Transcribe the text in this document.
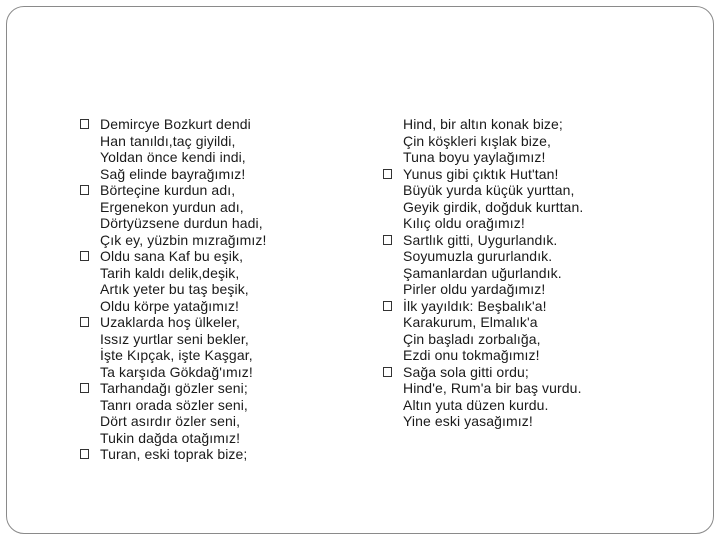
Demircye Bozkurt dendi
Han tanıldı,taç giyildi,
Yoldan önce kendi indi,
Sağ elinde bayrağımız!
Börteçine kurdun adı,
Ergenekon yurdun adı,
Dörtyüzsene durdun hadi,
Çık ey, yüzbin mızrağımız!
Oldu sana Kaf bu eşik,
Tarih kaldı delik,deşik,
Artık yeter bu taş beşik,
Oldu körpe yatağımız!
Uzaklarda hoş ülkeler,
Issız yurtlar seni bekler,
İşte Kıpçak, işte Kaşgar,
Ta karşıda Gökdağ'ımız!
Tarhandağı gözler seni;
Tanrı orada sözler seni,
Dört asırdır özler seni,
Tukin dağda otağımız!
Turan, eski toprak bize;
Hind, bir altın konak bize;
Çin köşkleri kışlak bize,
Tuna boyu yaylağımız!
Yunus gibi çıktık Hut'tan!
Büyük yurda küçük yurttan,
Geyik girdik, doğduk kurttan.
Kılıç oldu orağımız!
Sartlık gitti, Uygurlandık.
Soyumuzla gururlandık.
Şamanlardan uğurlandık.
Pirler oldu yardağımız!
İlk yayıldık: Beşbalık'a!
Karakurum, Elmalık'a
Çin başladı zorbalığa,
Ezdi onu tokmağımız!
Sağa sola gitti ordu;
Hind'e, Rum'a bir baş vurdu.
Altın yuta düzen kurdu.
Yine eski yasağımız!
